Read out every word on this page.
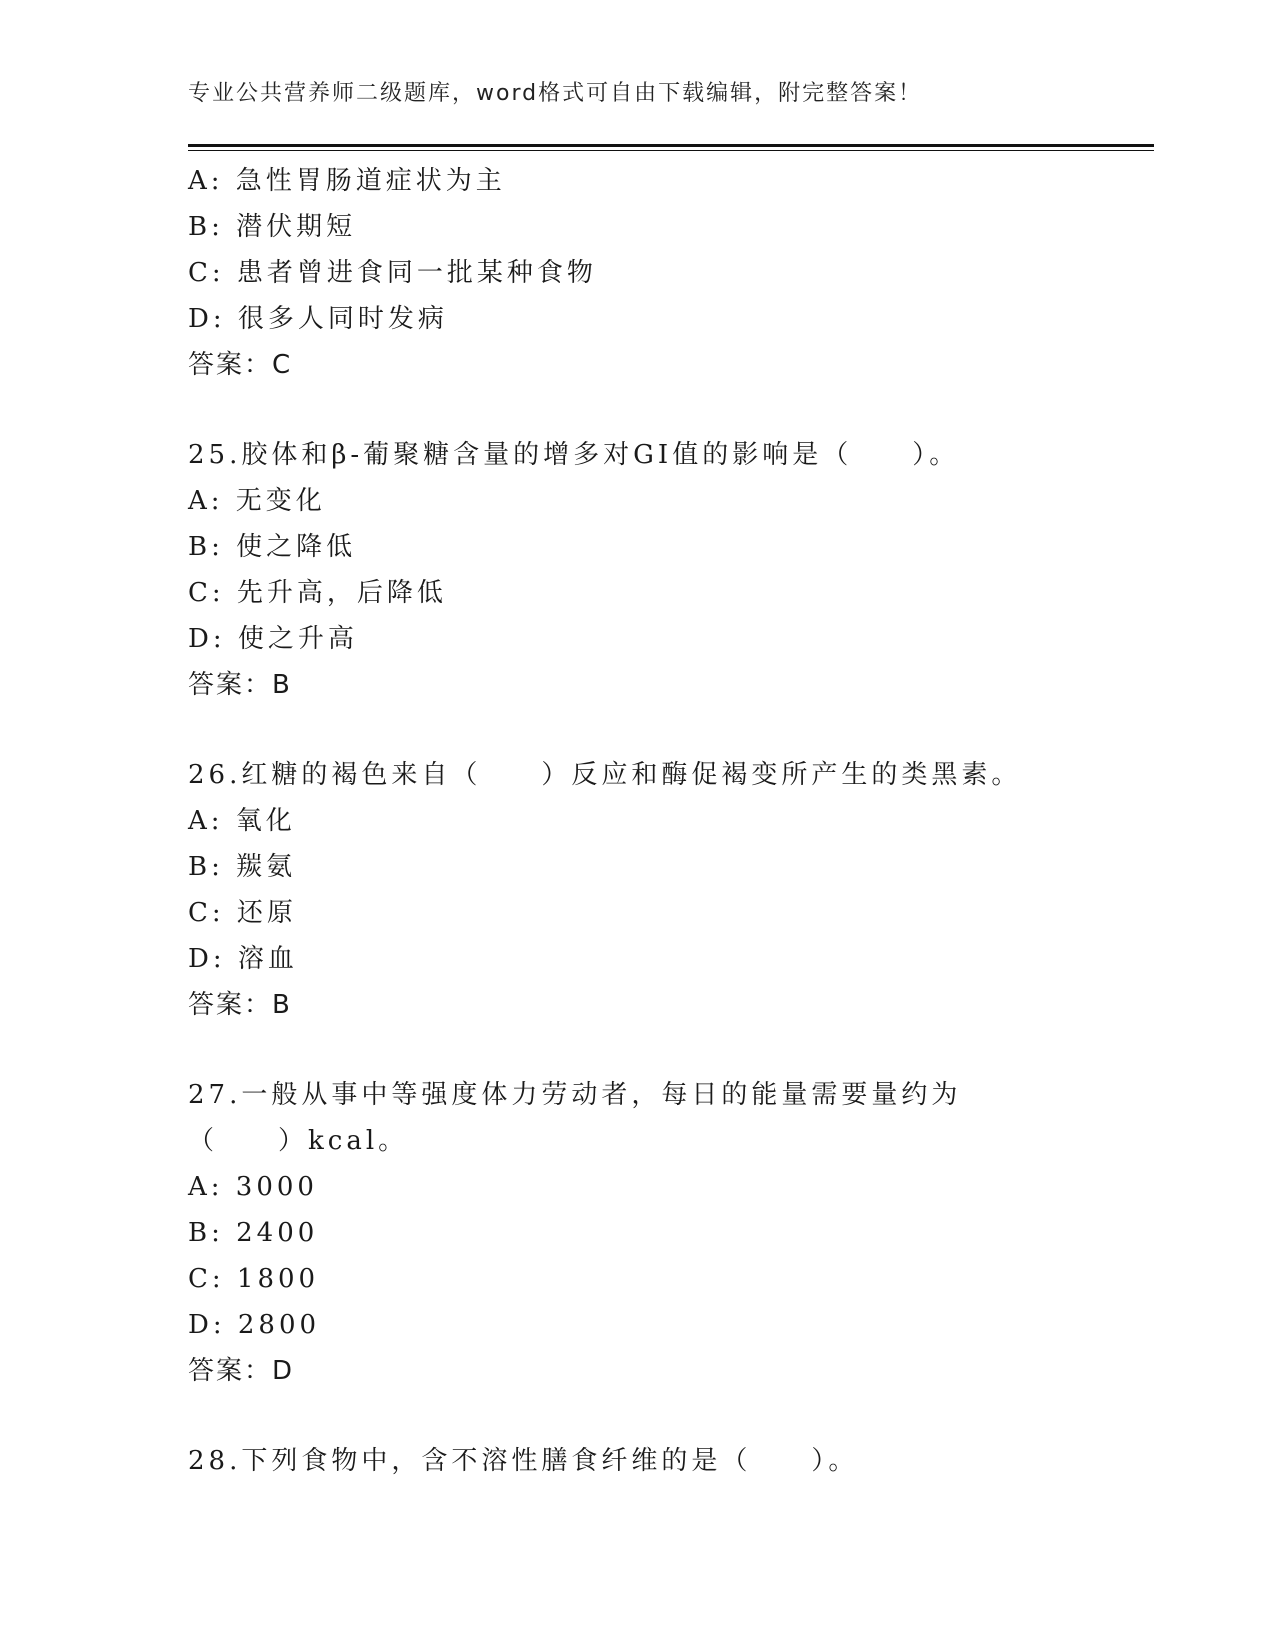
专业公共营养师二级题库，word格式可自由下载编辑，附完整答案！
A: 急性胃肠道症状为主
B: 潜伏期短
C: 患者曾进食同一批某种食物
D: 很多人同时发病
答案：C
25.胶体和β-葡聚糖含量的增多对GI值的影响是（　　）。
A: 无变化
B: 使之降低
C: 先升高，后降低
D: 使之升高
答案：B
26.红糖的褐色来自（　　）反应和酶促褐变所产生的类黑素。
A: 氧化
B: 羰氨
C: 还原
D: 溶血
答案：B
27.一般从事中等强度体力劳动者，每日的能量需要量约为（　　）kcal。
A: 3000
B: 2400
C: 1800
D: 2800
答案：D
28.下列食物中，含不溶性膳食纤维的是（　　）。
